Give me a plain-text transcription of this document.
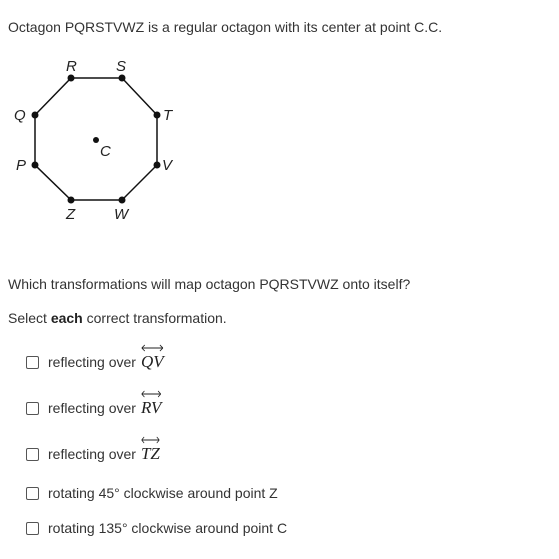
Octagon PQRSTVWZ is a regular octagon with its center at point C.C.

R	S
T
V
W
Z
P
Q
C

Which transformations will map octagon PQRSTVWZ onto itself?

Select each correct transformation.

reflecting over QV
reflecting over RV
reflecting over TZ
rotating 45° clockwise around point Z
rotating 135° clockwise around point C
